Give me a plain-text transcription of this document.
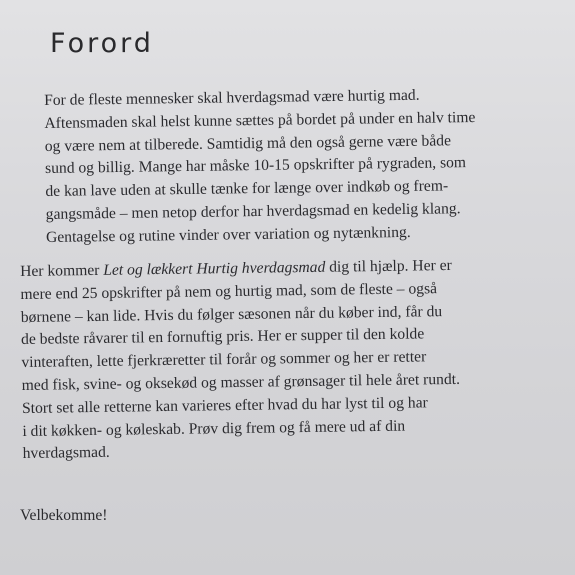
Forord
For de fleste mennesker skal hverdagsmad være hurtig mad.
Aftensmaden skal helst kunne sættes på bordet på under en halv time
og være nem at tilberede. Samtidig må den også gerne være både
sund og billig. Mange har måske 10-15 opskrifter på rygraden, som
de kan lave uden at skulle tænke for længe over indkøb og frem-
gangsmåde – men netop derfor har hverdagsmad en kedelig klang.
Gentagelse og rutine vinder over variation og nytænkning.
Her kommer Let og lækkert Hurtig hverdagsmad dig til hjælp. Her er
mere end 25 opskrifter på nem og hurtig mad, som de fleste – også
børnene – kan lide. Hvis du følger sæsonen når du køber ind, får du
de bedste råvarer til en fornuftig pris. Her er supper til den kolde
vinteraften, lette fjerkræretter til forår og sommer og her er retter
med fisk, svine- og oksekød og masser af grønsager til hele året rundt.
Stort set alle retterne kan varieres efter hvad du har lyst til og har
i dit køkken- og køleskab. Prøv dig frem og få mere ud af din
hverdagsmad.
Velbekomme!
